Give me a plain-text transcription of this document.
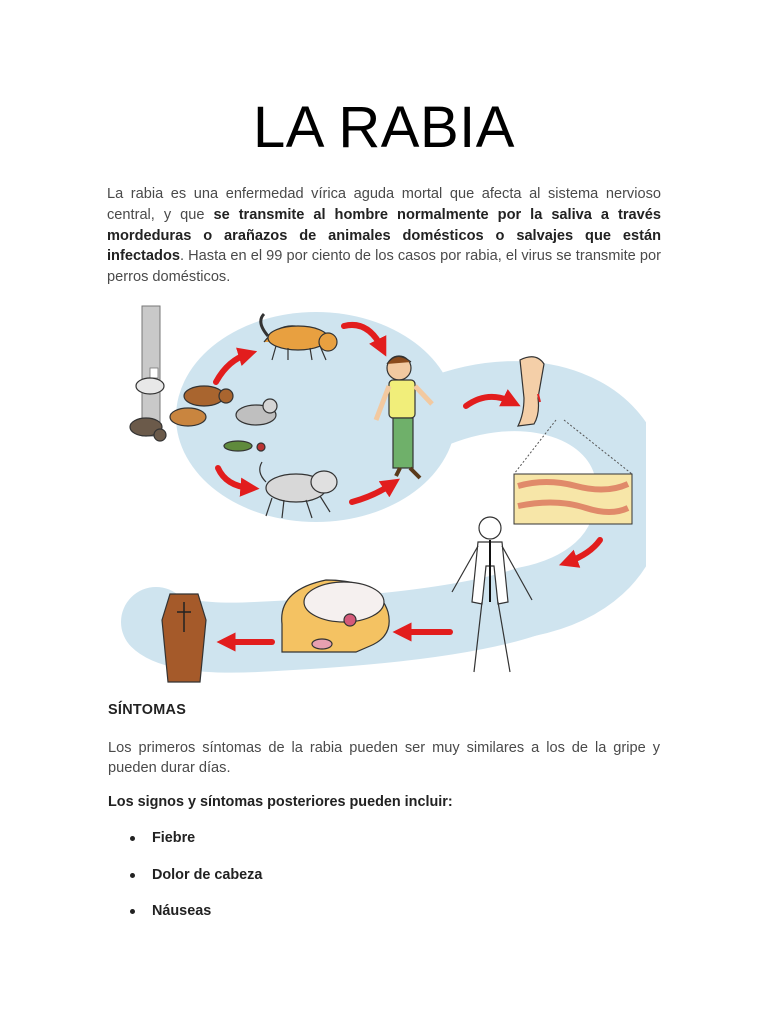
LA RABIA

La rabia es una enfermedad vírica aguda mortal que afecta al sistema nervioso central, y que se transmite al hombre normalmente por la saliva a través mordeduras o arañazos de animales domésticos o salvajes que están infectados. Hasta en el 99 por ciento de los casos por rabia, el virus se transmite por perros domésticos.

SÍNTOMAS

Los primeros síntomas de la rabia pueden ser muy similares a los de la gripe y pueden durar días.

Los signos y síntomas posteriores pueden incluir:

Fiebre
Dolor de cabeza
Náuseas
